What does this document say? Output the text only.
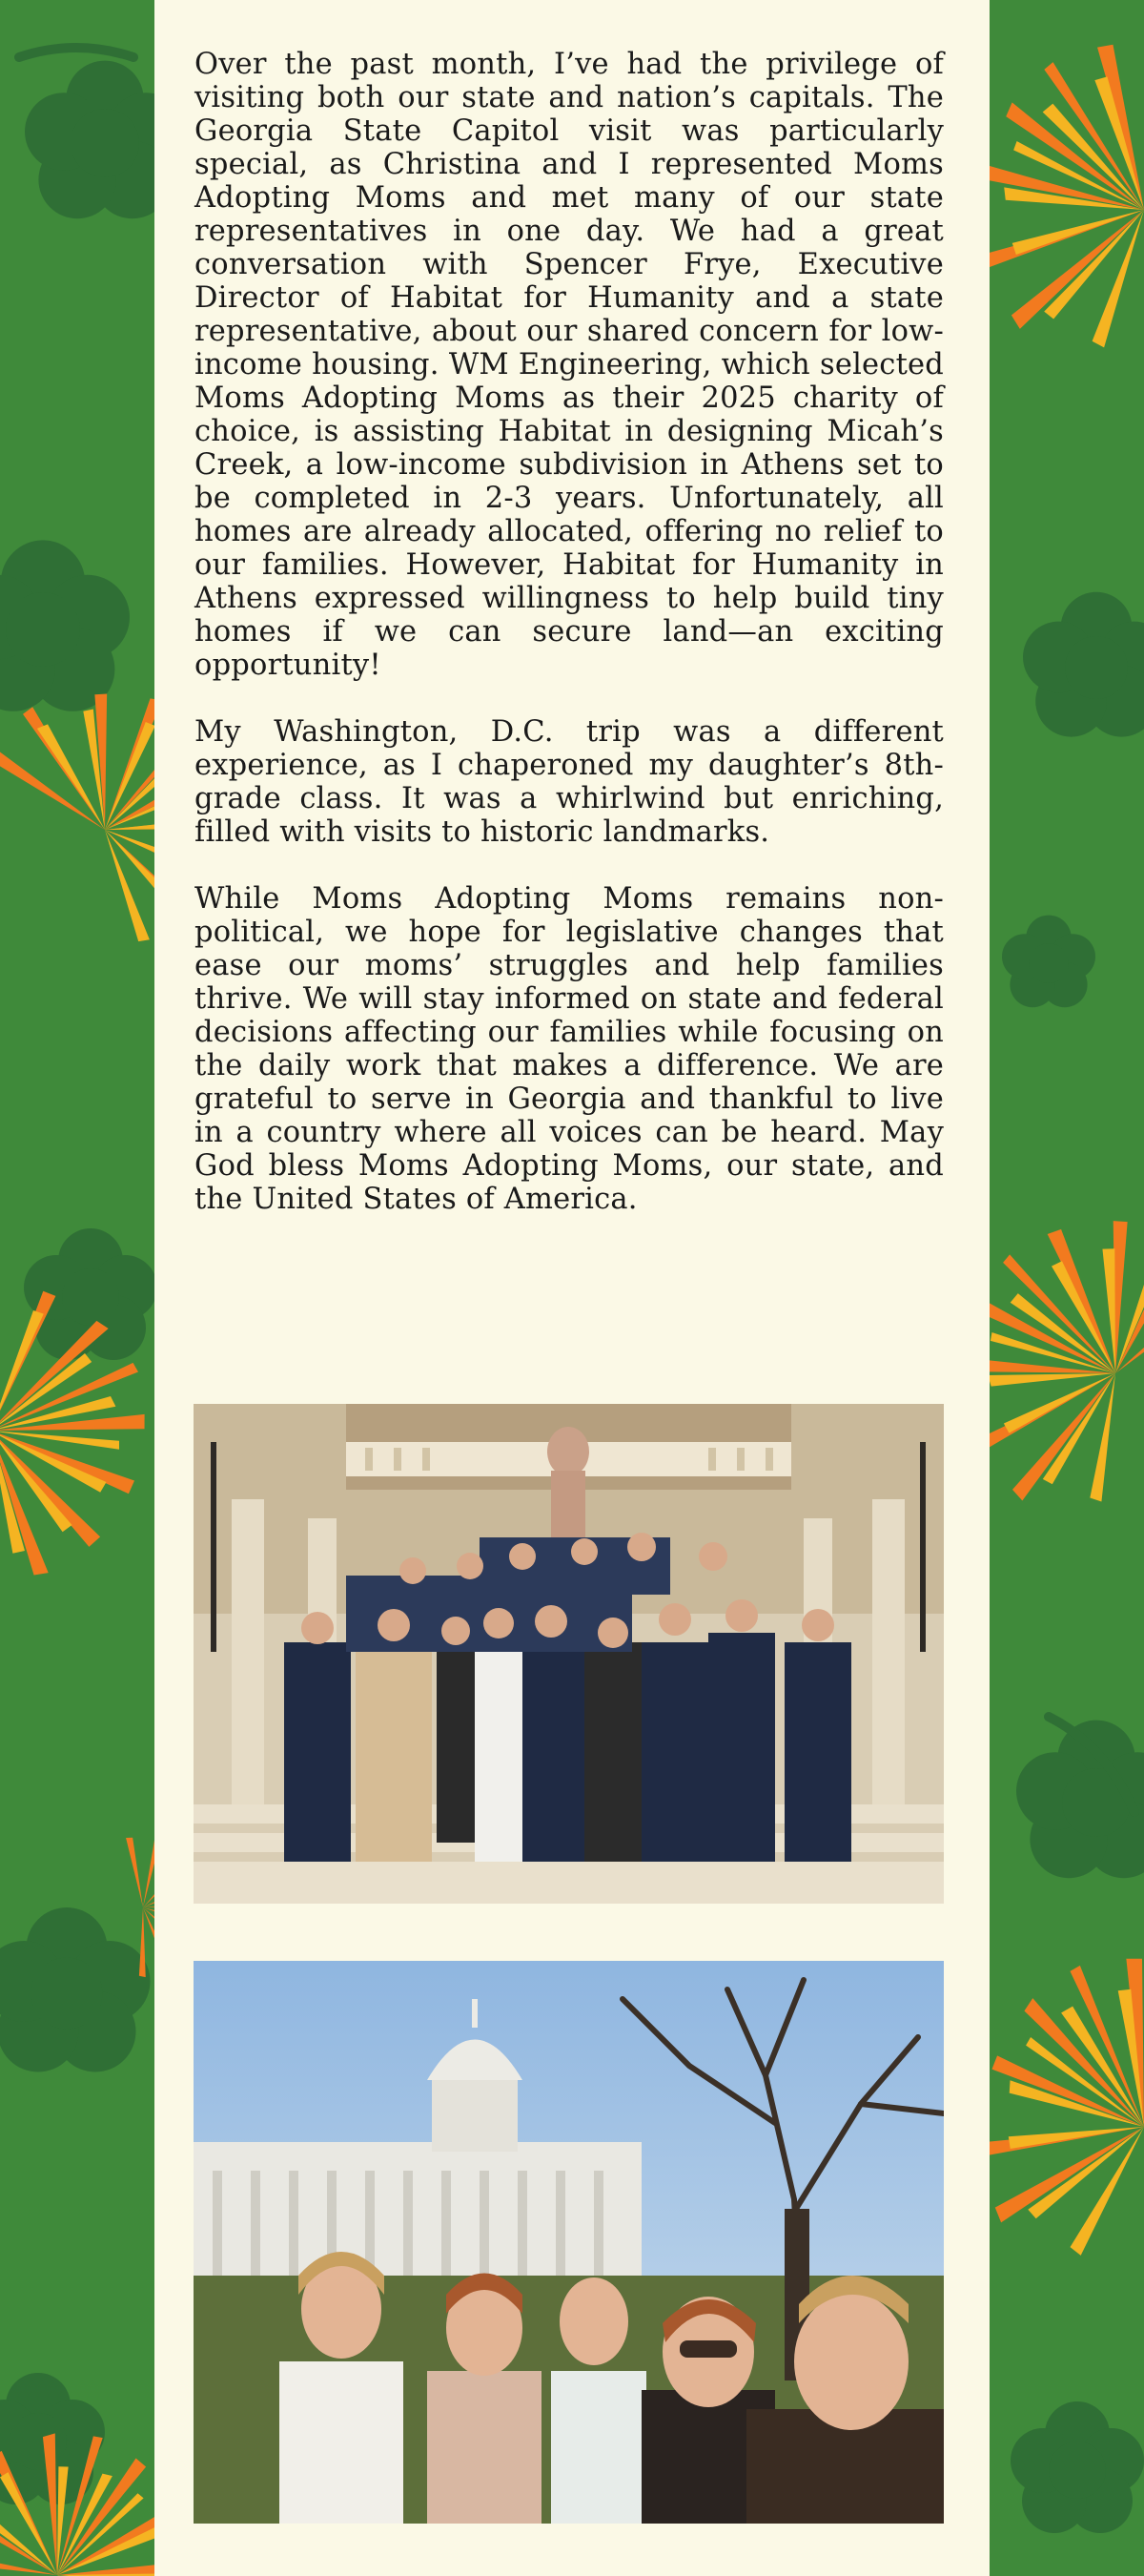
Over the past month, I’ve had the privilege of visiting both our state and nation’s capitals. The Georgia State Capitol visit was particularly special, as Christina and I represented Moms Adopting Moms and met many of our state representatives in one day. We had a great conversation with Spencer Frye, Executive Director of Habitat for Humanity and a state representative, about our shared concern for low-income housing. WM Engineering, which selected Moms Adopting Moms as their 2025 charity of choice, is assisting Habitat in designing Micah’s Creek, a low-income subdivision in Athens set to be completed in 2-3 years. Unfortunately, all homes are already allocated, offering no relief to our families. However, Habitat for Humanity in Athens expressed willingness to help build tiny homes if we can secure land—an exciting opportunity!

My Washington, D.C. trip was a different experience, as I chaperoned my daughter’s 8th-grade class. It was a whirlwind but enriching, filled with visits to historic landmarks.

While Moms Adopting Moms remains non-political, we hope for legislative changes that ease our moms’ struggles and help families thrive. We will stay informed on state and federal decisions affecting our families while focusing on the daily work that makes a difference. We are grateful to serve in Georgia and thankful to live in a country where all voices can be heard. May God bless Moms Adopting Moms, our state, and the United States of America.
